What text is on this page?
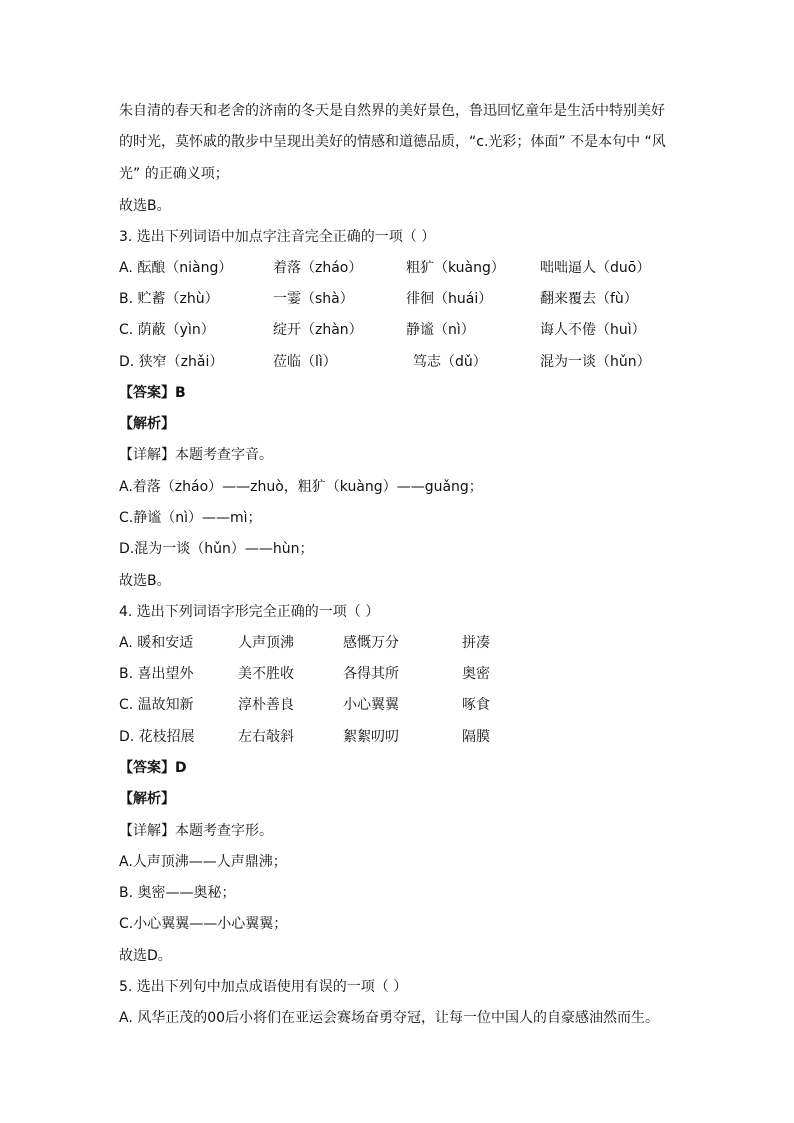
朱自清的春天和老舍的济南的冬天是自然界的美好景色，鲁迅回忆童年是生活中特别美好
的时光，莫怀戚的散步中呈现出美好的情感和道德品质，“c.光彩；体面” 不是本句中 “风
光” 的正确义项；
故选B。
3. 选出下列词语中加点字注音完全正确的一项（ ）
A. 酝酿（niàng）	着落（zháo）	粗犷（kuàng）	咄咄逼人（duō）
B. 贮蓄（zhù）	一霎（shà）	徘徊（huái）	翻来覆去（fù）
C. 荫蔽（yìn）	绽开（zhàn）	静谧（nì）	诲人不倦（huì）
D. 狭窄（zhǎi）	莅临（lì）	笃志（dǔ）	混为一谈（hǔn）
【答案】B
【解析】
【详解】本题考查字音。
A.着落（zháo）——zhuò，粗犷（kuàng）——guǎng；
C.静谧（nì）——mì；
D.混为一谈（hǔn）——hùn；
故选B。
4. 选出下列词语字形完全正确的一项（ ）
A. 暖和安适	人声顶沸	感慨万分	拼凑
B. 喜出望外	美不胜收	各得其所	奥密
C. 温故知新	淳朴善良	小心翼翼	啄食
D. 花枝招展	左右敧斜	絮絮叨叨	隔膜
【答案】D
【解析】
【详解】本题考查字形。
A.人声顶沸——人声鼎沸；
B. 奥密——奥秘；
C.小心翼翼——小心翼翼；
故选D。
5. 选出下列句中加点成语使用有误的一项（ ）
A. 风华正茂的00后小将们在亚运会赛场奋勇夺冠，让每一位中国人的自豪感油然而生。
